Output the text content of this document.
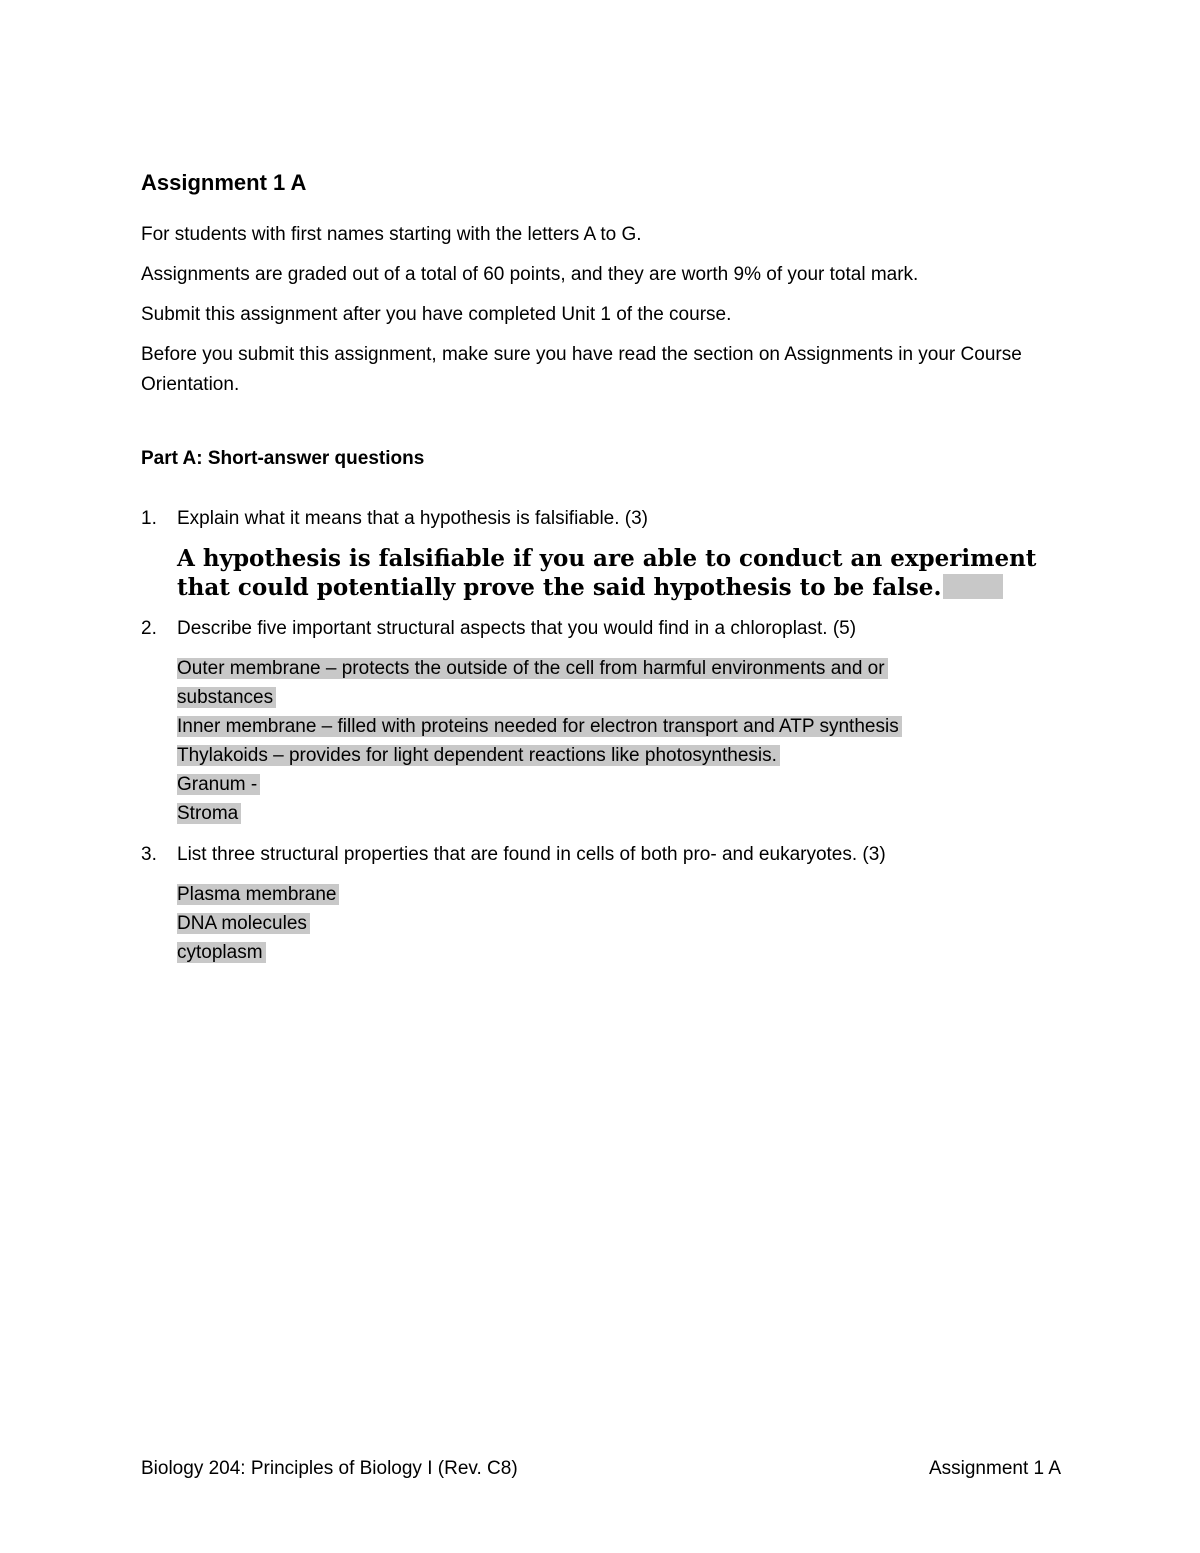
Assignment 1 A

For students with first names starting with the letters A to G.

Assignments are graded out of a total of 60 points, and they are worth 9% of your total mark.

Submit this assignment after you have completed Unit 1 of the course.

Before you submit this assignment, make sure you have read the section on Assignments in your Course Orientation.

Part A: Short-answer questions
1. Explain what it means that a hypothesis is falsifiable. (3)

A hypothesis is falsifiable if you are able to conduct an experiment that could potentially prove the said hypothesis to be false.

2. Describe five important structural aspects that you would find in a chloroplast. (5)

Outer membrane – protects the outside of the cell from harmful environments and or
substances
Inner membrane – filled with proteins needed for electron transport and ATP synthesis
Thylakoids – provides for light dependent reactions like photosynthesis.
Granum -
Stroma
3. List three structural properties that are found in cells of both pro- and eukaryotes. (3)

Plasma membrane
DNA molecules
cytoplasm
Biology 204: Principles of Biology I (Rev. C8)	Assignment 1 A
